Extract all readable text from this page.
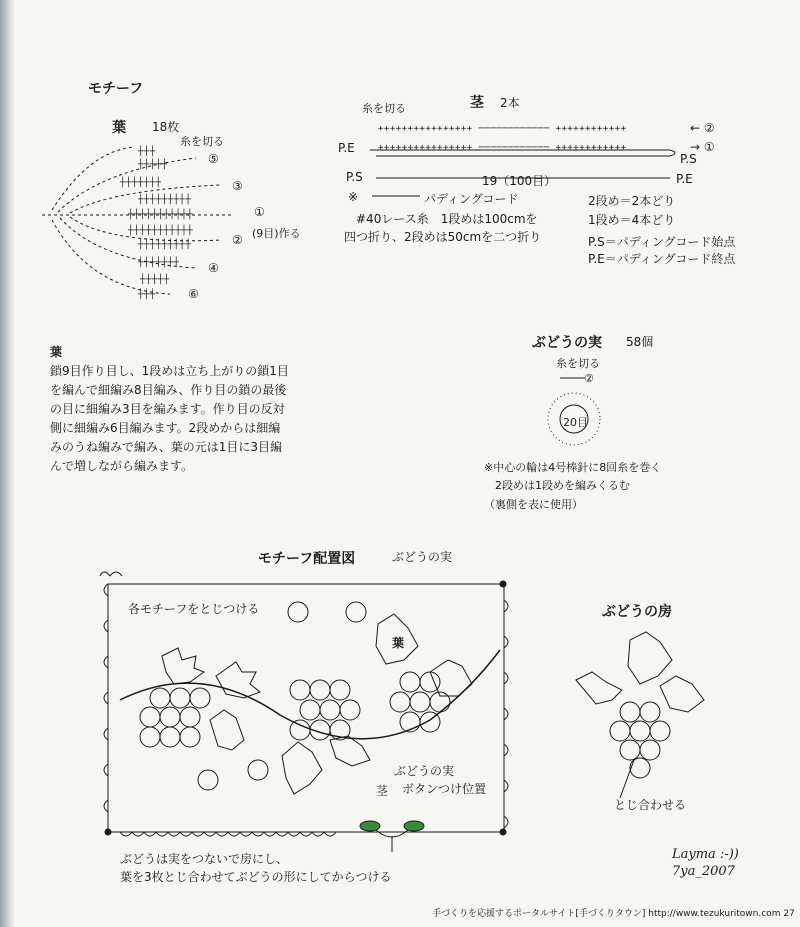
モチーフ
葉 18枚
糸を切る
┼┼┼
┼┼┼┼┼
┼┼┼┼┼┼┼
┼┼┼┼┼┼┼┼┼
┼┼┼┼┼┼┼┼┼┼┼
┼┼┼┼┼┼┼┼┼┼┼
┼┼┼┼┼┼┼┼┼
┼┼┼┼┼┼┼
┼┼┼┼┼
┼┼┼
⑤
③
①
② (9目)作る
④
⑥

葉

鎖9目作り目し、1段めは立ち上がりの鎖1目

を編んで細編み8目編み、作り目の鎖の最後

の目に細編み3目を編みます。作り目の反対

側に細編み6目編みます。2段めからは細編

みのうね編みで編み、葉の元は1目に3目編

んで増しながら編みます。

茎 2本
糸を切る
++++++++++++++++ ──────────── ++++++++++++
++++++++++++++++ ──────────── ++++++++++++
← ②
→ ①
P.E
P.S
P.S	P.E
19（100目）
※	パディングコード
#40レース糸　1段めは100cmを
四つ折り、2段めは50cmを二つ折り
2段め＝2本どり
1段め＝4本どり
P.S＝パディングコード始点
P.E＝パディングコード終点
ぶどうの実 58個
糸を切る
②
20目
※中心の輪は4号棒針に8回糸を巻く
2段めは1段めを編みくるむ
（裏側を表に使用）
モチーフ配置図	ぶどうの実
各モチーフをとじつける
葉
ぶどうの実
ボタンつけ位置
茎
ぶどうは実をつないで房にし、
葉を3枚とじ合わせてぶどうの形にしてからつける
ぶどうの房
とじ合わせる
Layma :-))
7ya_2007
手づくりを応援するポータルサイト[手づくりタウン] http://www.tezukuritown.com 27
